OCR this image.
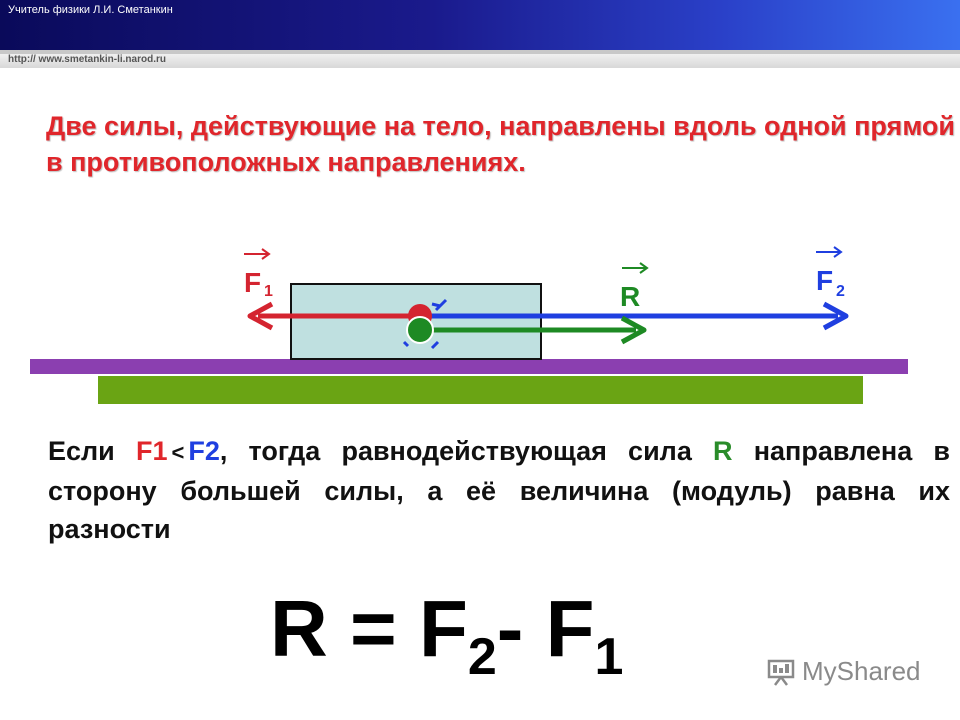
Учитель физики Л.И. Сметанкин
http:// www.smetankin-li.narod.ru
Две силы, действующие на тело, направлены вдоль одной прямой в противоположных направлениях.
F 1	R
F 2
Если F1 < F2, тогда равнодействующая сила R направлена в сторону большей силы, а её величина (модуль) равна их разности
$R = F_2-$ $F_1$	MyShared
